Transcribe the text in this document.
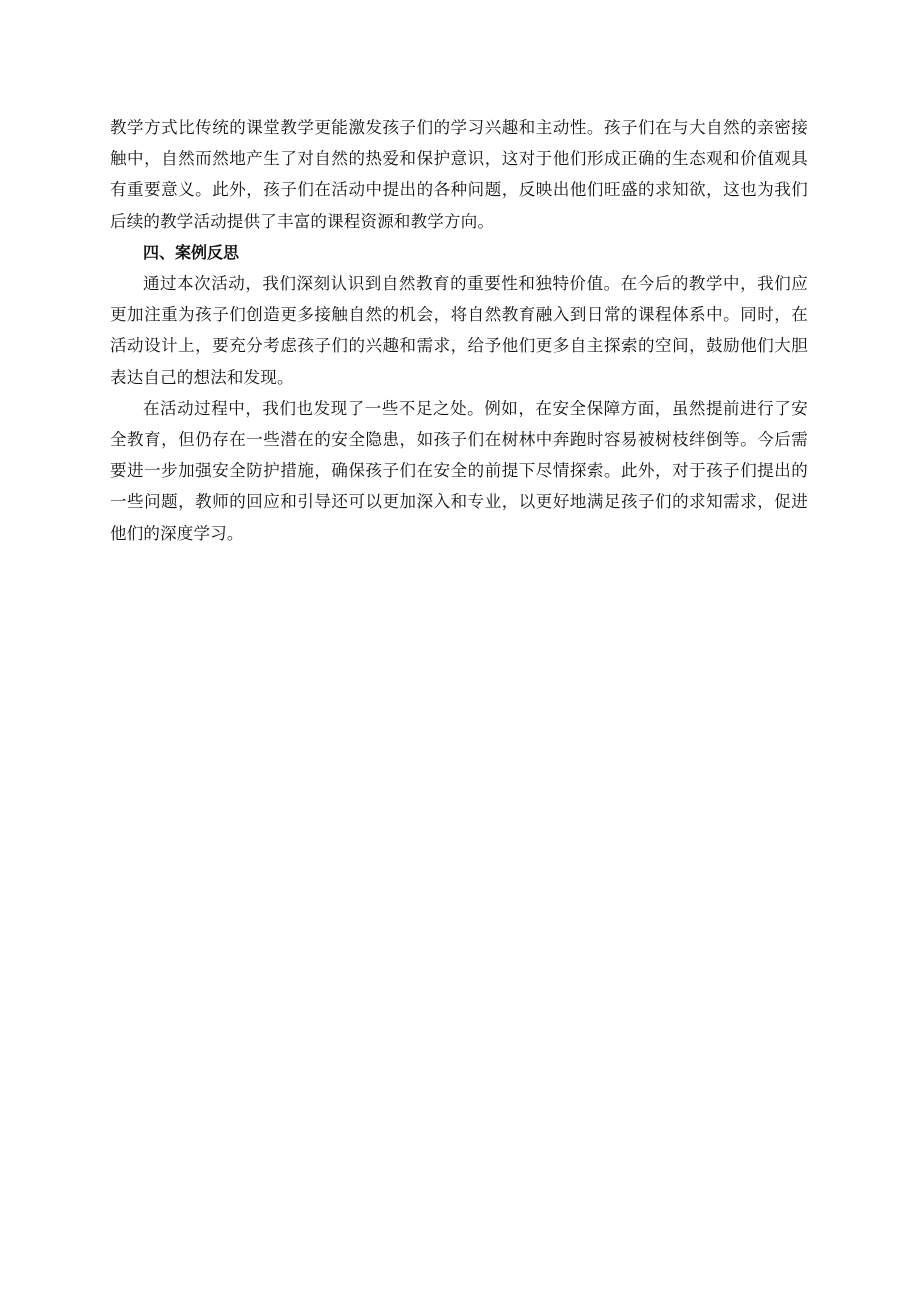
教学方式比传统的课堂教学更能激发孩子们的学习兴趣和主动性。孩子们在与大自然的亲密接触中，自然而然地产生了对自然的热爱和保护意识，这对于他们形成正确的生态观和价值观具有重要意义。此外，孩子们在活动中提出的各种问题，反映出他们旺盛的求知欲，这也为我们后续的教学活动提供了丰富的课程资源和教学方向。

四、案例反思

通过本次活动，我们深刻认识到自然教育的重要性和独特价值。在今后的教学中，我们应更加注重为孩子们创造更多接触自然的机会，将自然教育融入到日常的课程体系中。同时，在活动设计上，要充分考虑孩子们的兴趣和需求，给予他们更多自主探索的空间，鼓励他们大胆表达自己的想法和发现。

在活动过程中，我们也发现了一些不足之处。例如，在安全保障方面，虽然提前进行了安全教育，但仍存在一些潜在的安全隐患，如孩子们在树林中奔跑时容易被树枝绊倒等。今后需要进一步加强安全防护措施，确保孩子们在安全的前提下尽情探索。此外，对于孩子们提出的一些问题，教师的回应和引导还可以更加深入和专业，以更好地满足孩子们的求知需求，促进他们的深度学习。
